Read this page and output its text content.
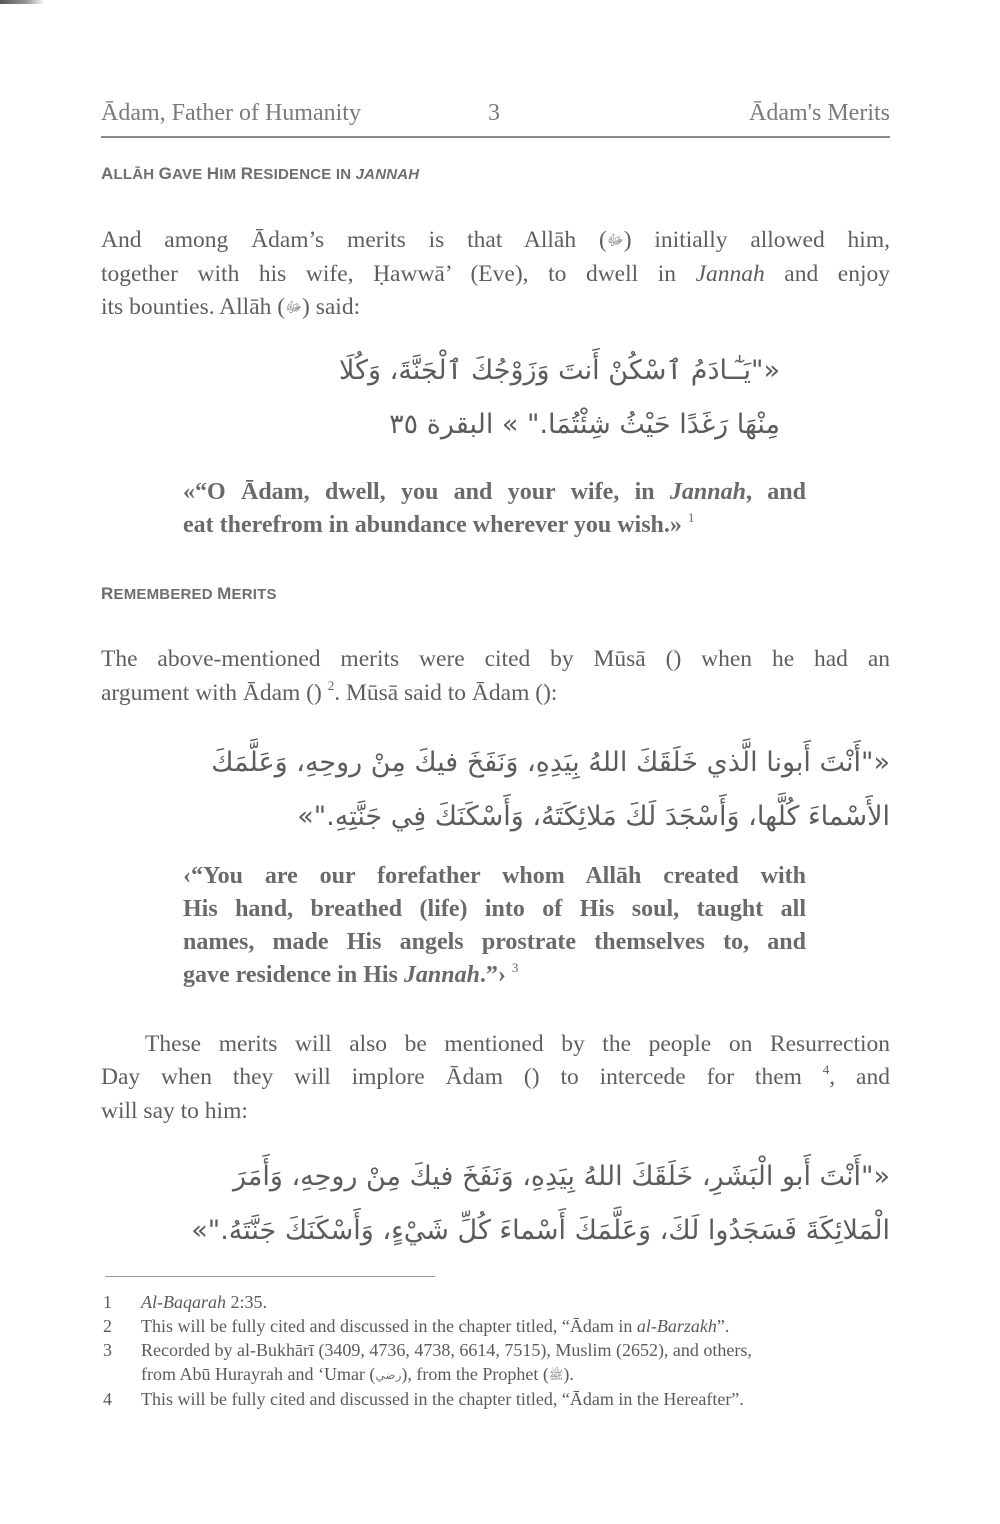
Ādam, Father of Humanity	3	Ādam's Merits
ALLĀH GAVE HIM RESIDENCE IN JANNAH
And among Ādam’s merits is that Allāh (ﷻ) initially allowed him,
together with his wife, Ḥawwā’ (Eve), to dwell in Jannah and enjoy
its bounties. Allāh (ﷻ) said:
«"يَـٰٓـادَمُ ٱسْكُنْ أَنتَ وَزَوْجُكَ ٱلْجَنَّةَ، وَكُلَا
مِنْهَا رَغَدًا حَيْثُ شِئْتُمَا." » البقرة ٣٥
«“O Ādam, dwell, you and your wife, in Jannah, and
eat therefrom in abundance wherever you wish.» $^1$
REMEMBERED MERITS
The above-mentioned merits were cited by Mūsā () when he had an
argument with Ādam () $^2$. Mūsā said to Ādam ():
«"أَنْتَ أَبونا الَّذي خَلَقَكَ اللهُ بِيَدِهِ، وَنَفَخَ فيكَ مِنْ روحِهِ، وَعَلَّمَكَ
الأَسْماءَ كُلَّها، وَأَسْجَدَ لَكَ مَلائِكَتَهُ، وَأَسْكَنَكَ فِي جَنَّتِهِ."»
‹“You are our forefather whom Allāh created with
His hand, breathed (life) into of His soul, taught all
names, made His angels prostrate themselves to, and
gave residence in His Jannah.”› $^3$
These merits will also be mentioned by the people on Resurrection
Day when they will implore Ādam () to intercede for them $^4$, and
will say to him:
«"أَنْتَ أَبو الْبَشَرِ، خَلَقَكَ اللهُ بِيَدِهِ، وَنَفَخَ فيكَ مِنْ روحِهِ، وَأَمَرَ
الْمَلائِكَةَ فَسَجَدُوا لَكَ، وَعَلَّمَكَ أَسْماءَ كُلِّ شَيْءٍ، وَأَسْكَنَكَ جَنَّتَهُ."»
1 Al-Baqarah 2:35.
2 This will be fully cited and discussed in the chapter titled, “Ādam in al-Barzakh”.
3 Recorded by al-Bukhārī (3409, 4736, 4738, 6614, 7515), Muslim (2652), and others,
from Abū Hurayrah and ‘Umar (رضي), from the Prophet (ﷺ).
4 This will be fully cited and discussed in the chapter titled, “Ādam in the Hereafter”.
